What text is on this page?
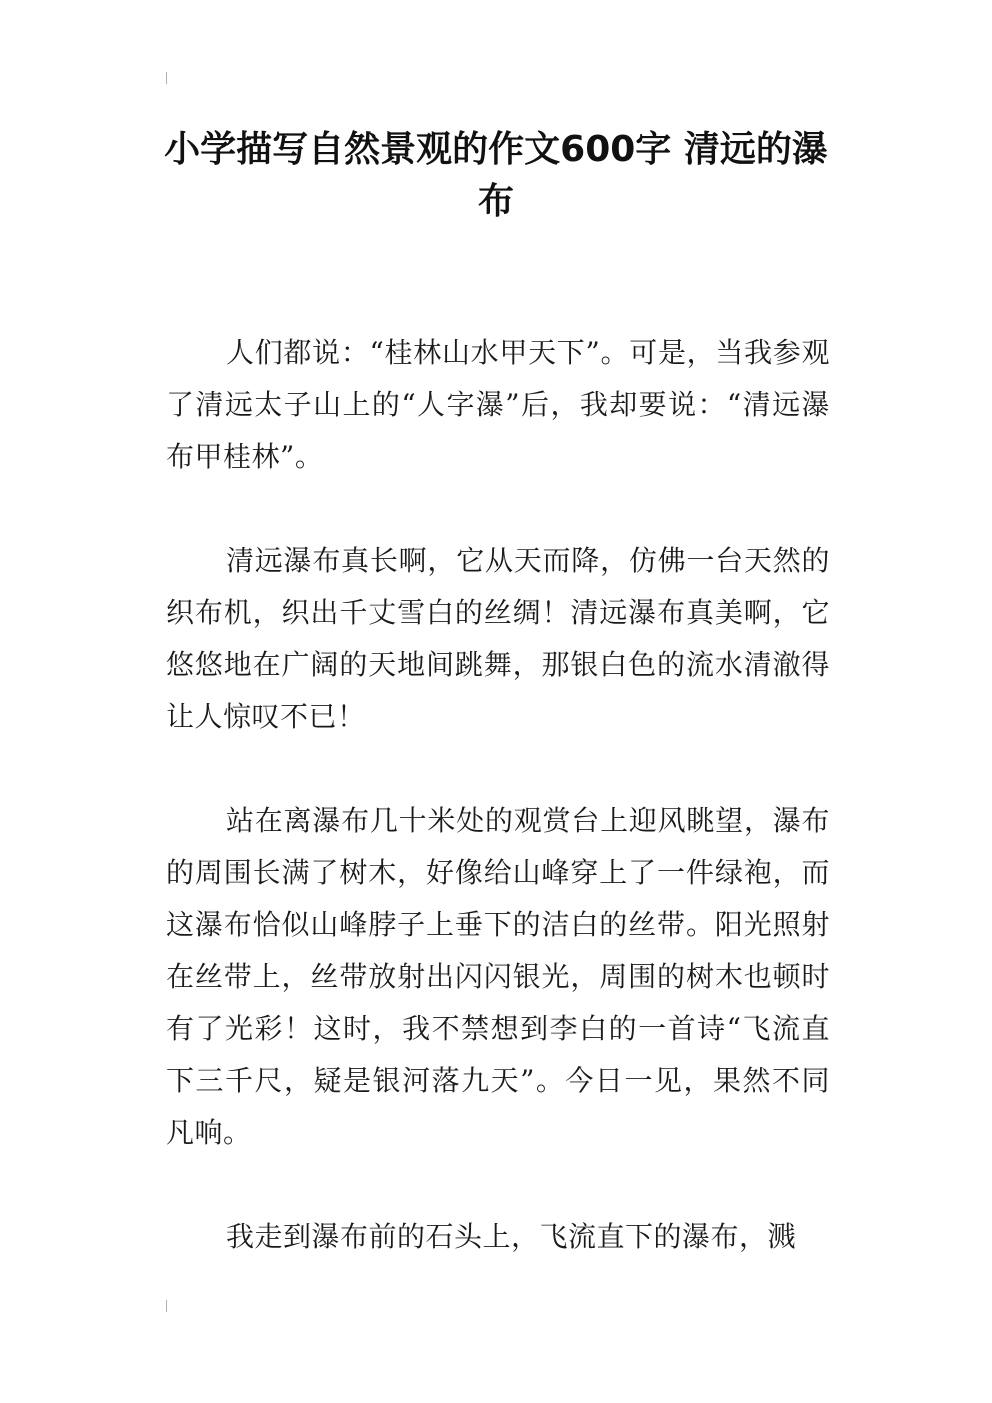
小学描写自然景观的作文600字 清远的瀑布

人们都说：“桂林山水甲天下”。可是，当我参观了清远太子山上的“人字瀑”后，我却要说：“清远瀑布甲桂林”。

清远瀑布真长啊，它从天而降，仿佛一台天然的织布机，织出千丈雪白的丝绸！清远瀑布真美啊，它悠悠地在广阔的天地间跳舞，那银白色的流水清澈得让人惊叹不已！

站在离瀑布几十米处的观赏台上迎风眺望，瀑布的周围长满了树木，好像给山峰穿上了一件绿袍，而这瀑布恰似山峰脖子上垂下的洁白的丝带。阳光照射在丝带上，丝带放射出闪闪银光，周围的树木也顿时有了光彩！这时，我不禁想到李白的一首诗“飞流直下三千尺，疑是银河落九天”。今日一见，果然不同凡响。

我走到瀑布前的石头上，飞流直下的瀑布，溅
